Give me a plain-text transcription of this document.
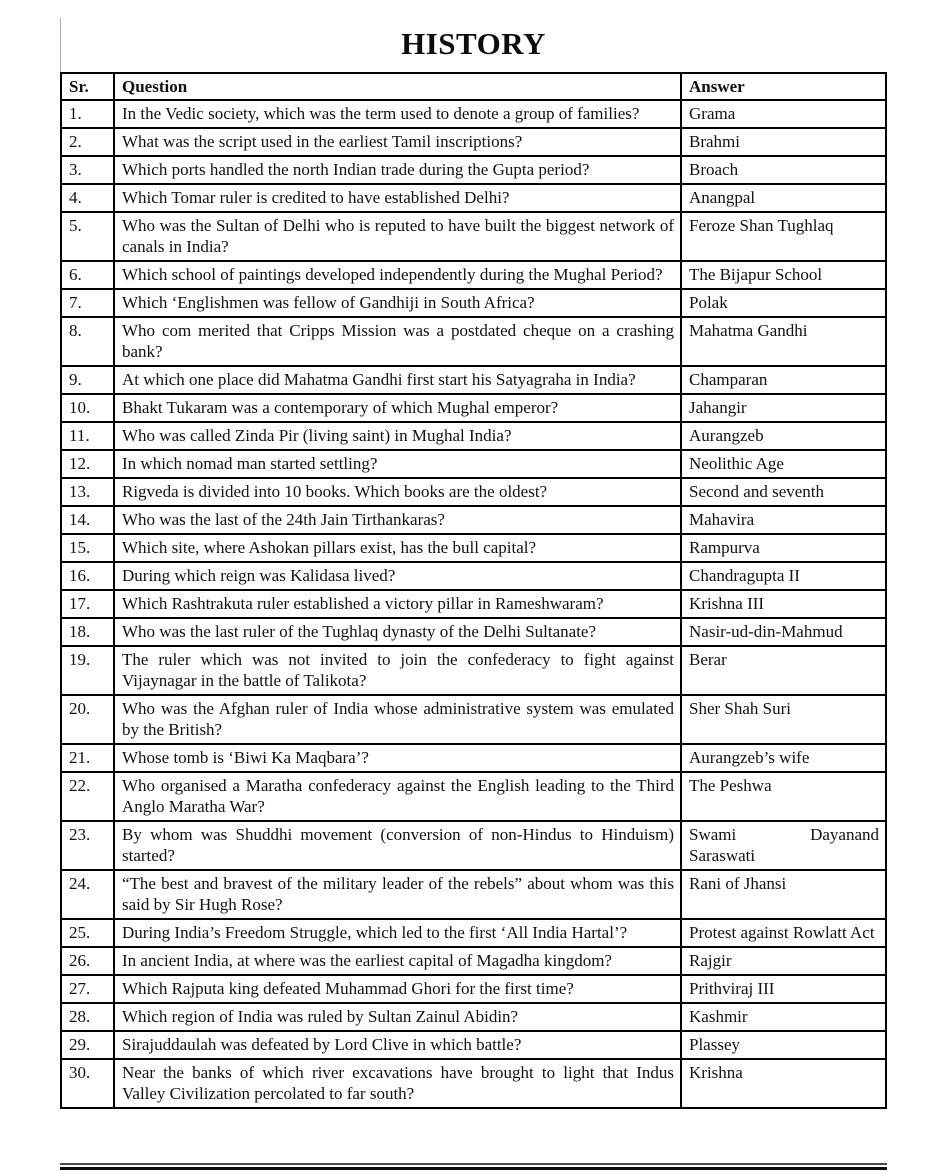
HISTORY
Sr.	Question	Answer
1.	In the Vedic society, which was the term used to denote a group of families?	Grama
2.	What was the script used in the earliest Tamil inscriptions?	Brahmi
3.	Which ports handled the north Indian trade during the Gupta period?	Broach
4.	Which Tomar ruler is credited to have established Delhi?	Anangpal
5.	Who was the Sultan of Delhi who is reputed to have built the biggest network of canals in India?	Feroze Shan Tughlaq
6.	Which school of paintings developed independently during the Mughal Period?	The Bijapur School
7.	Which ‘Englishmen was fellow of Gandhiji in South Africa?	Polak
8.	Who com merited that Cripps Mission was a postdated cheque on a crashing bank?	Mahatma Gandhi
9.	At which one place did Mahatma Gandhi first start his Satyagraha in India?	Champaran
10.	Bhakt Tukaram was a contemporary of which Mughal emperor?	Jahangir
11.	Who was called Zinda Pir (living saint) in Mughal India?	Aurangzeb
12.	In which nomad man started settling?	Neolithic Age
13.	Rigveda is divided into 10 books. Which books are the oldest?	Second and seventh
14.	Who was the last of the 24th Jain Tirthankaras?	Mahavira
15.	Which site, where Ashokan pillars exist, has the bull capital?	Rampurva
16.	During which reign was Kalidasa lived?	Chandragupta II
17.	Which Rashtrakuta ruler established a victory pillar in Rameshwaram?	Krishna III
18.	Who was the last ruler of the Tughlaq dynasty of the Delhi Sultanate?	Nasir-ud-din-Mahmud
19.	The ruler which was not invited to join the confederacy to fight against Vijaynagar in the battle of Talikota?	Berar
20.	Who was the Afghan ruler of India whose administrative system was emulated by the British?	Sher Shah Suri
21.	Whose tomb is ‘Biwi Ka Maqbara’?	Aurangzeb’s wife
22.	Who organised a Maratha confederacy against the English leading to the Third Anglo Maratha War?	The Peshwa
23.	By whom was Shuddhi movement (conversion of non-Hindus to Hinduism) started?	Swami Dayanand Saraswati
24.	“The best and bravest of the military leader of the rebels” about whom was this said by Sir Hugh Rose?	Rani of Jhansi
25.	During India’s Freedom Struggle, which led to the first ‘All India Hartal’?	Protest against Rowlatt Act
26.	In ancient India, at where was the earliest capital of Magadha kingdom?	Rajgir
27.	Which Rajputa king defeated Muhammad Ghori for the first time?	Prithviraj III
28.	Which region of India was ruled by Sultan Zainul Abidin?	Kashmir
29.	Sirajuddaulah was defeated by Lord Clive in which battle?	Plassey
30.	Near the banks of which river excavations have brought to light that Indus Valley Civilization percolated to far south?	Krishna
